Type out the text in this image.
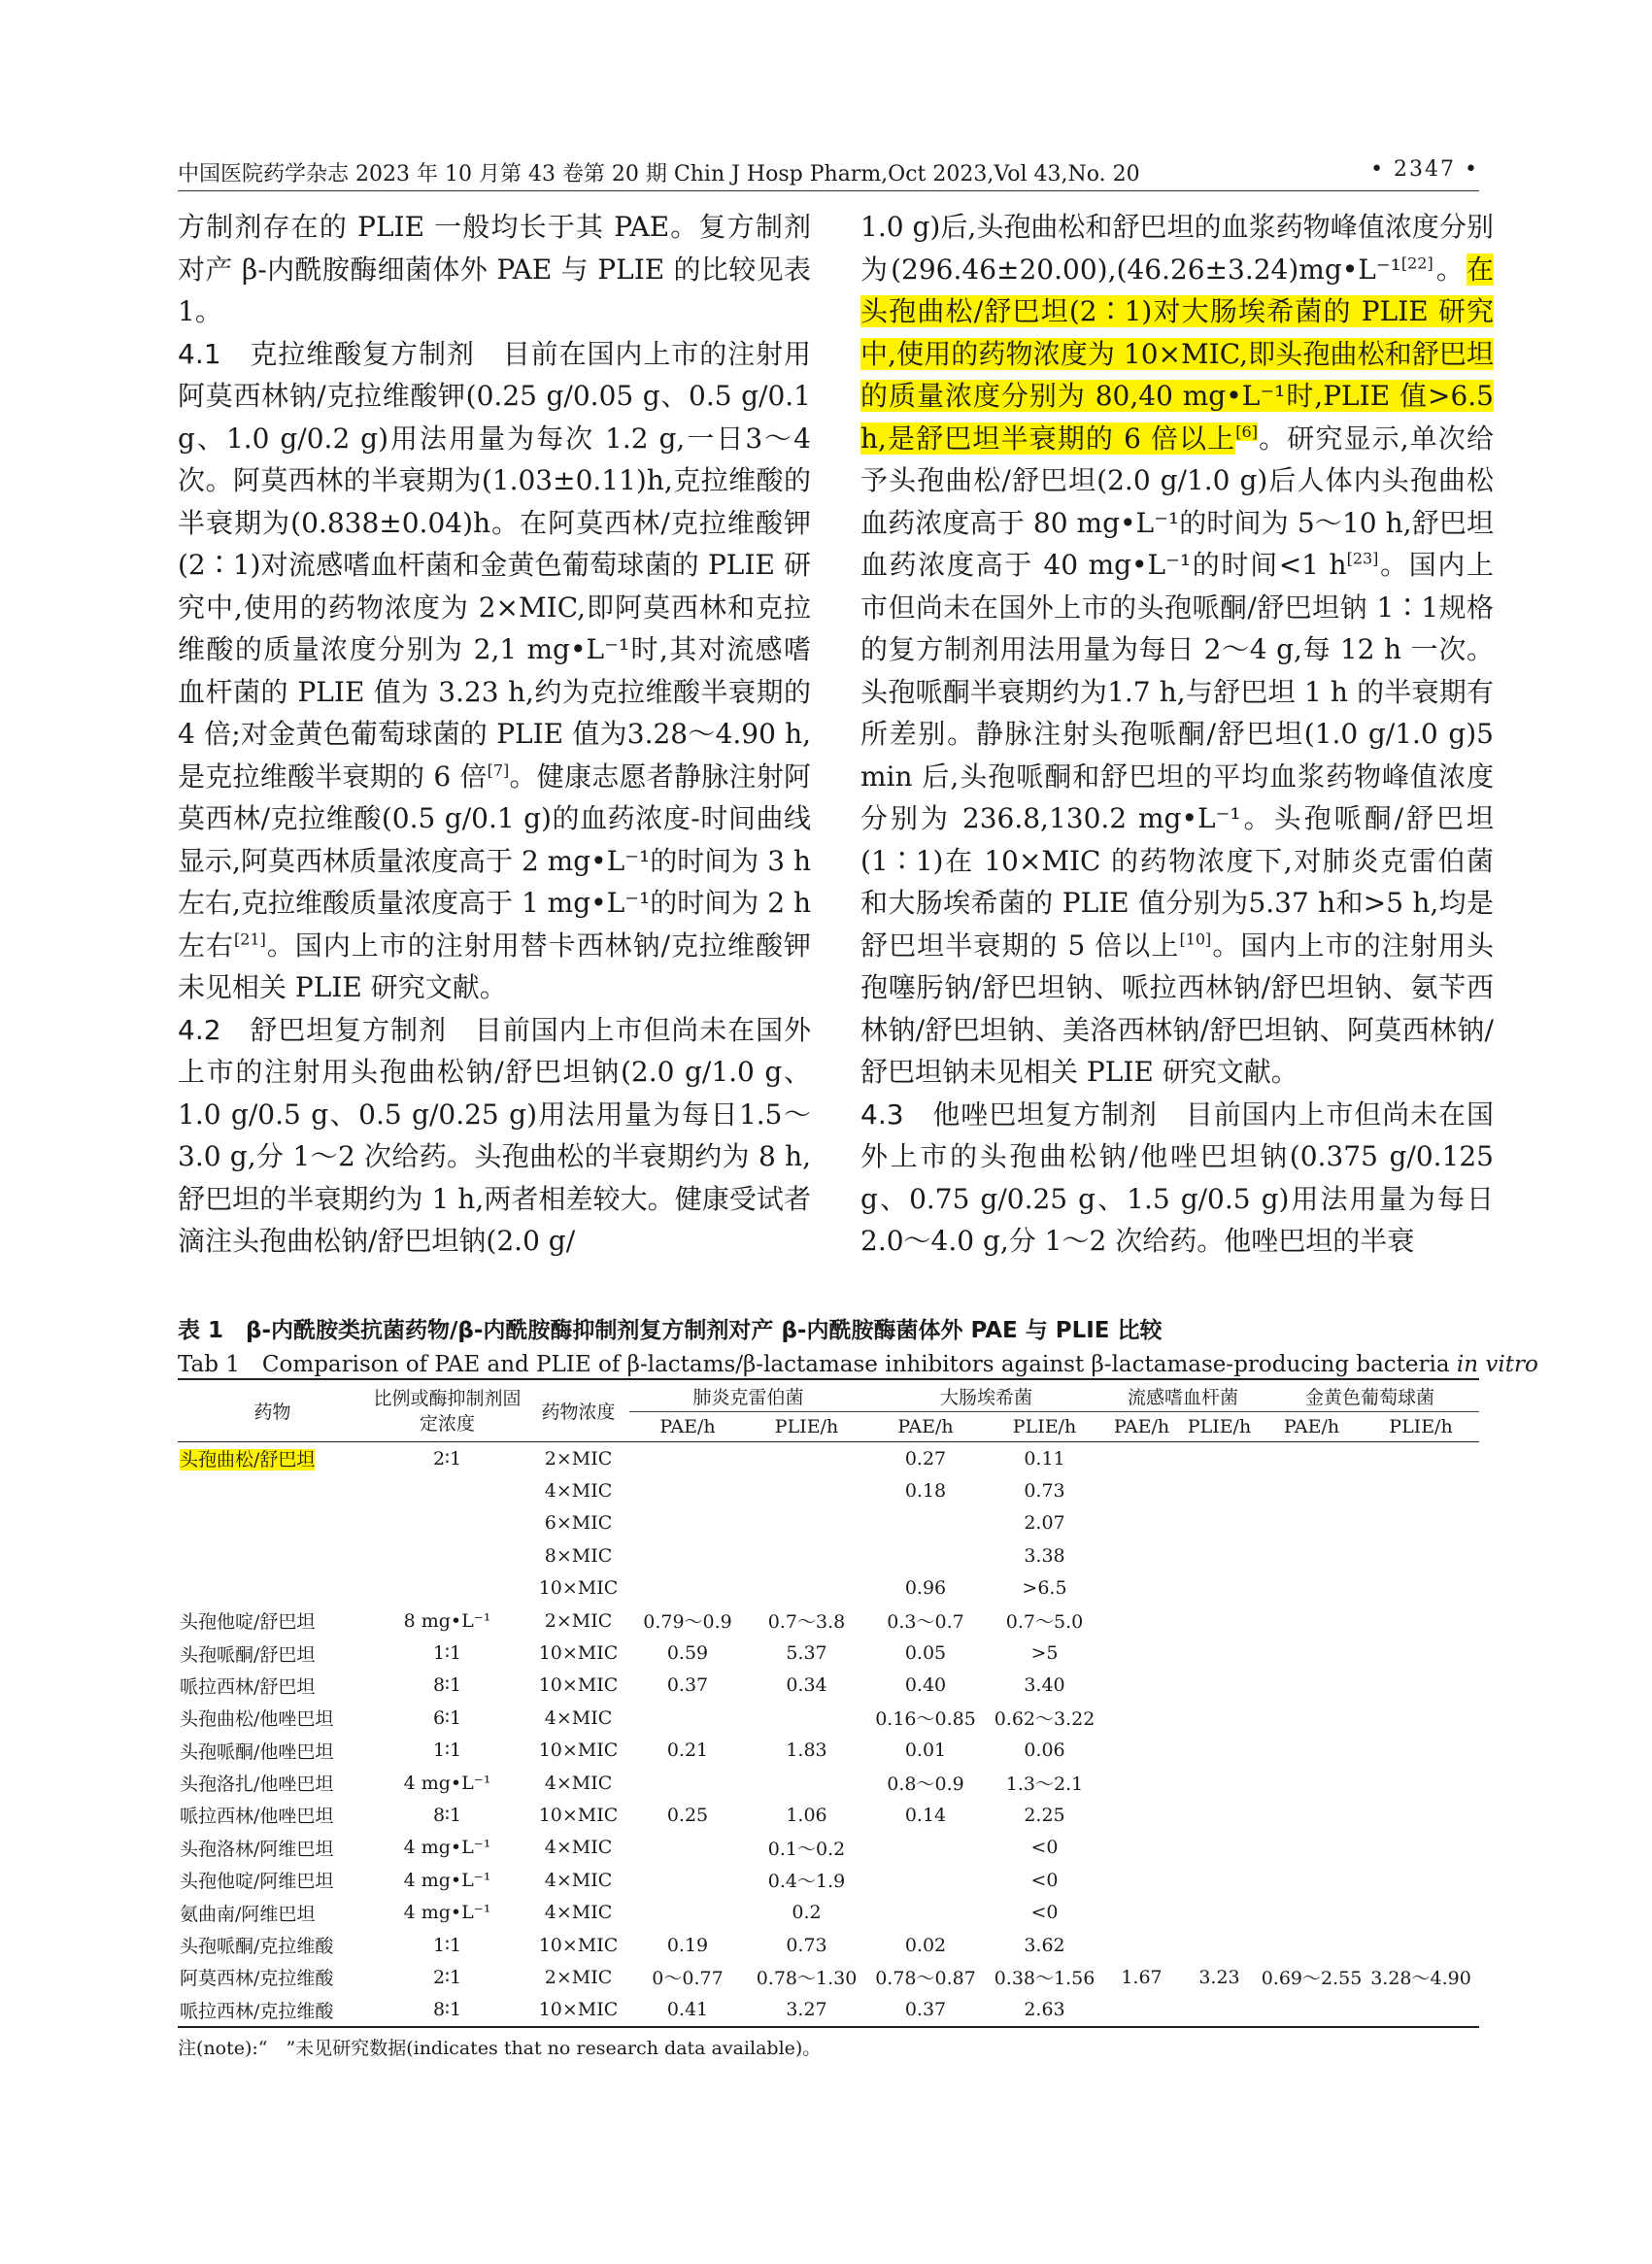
中国医院药学杂志 2023 年 10 月第 43 卷第 20 期 Chin J Hosp Pharm,Oct 2023,Vol 43,No. 20	• 2347 •

方制剂存在的 PLIE 一般均长于其 PAE。复方制剂对产 β-内酰胺酶细菌体外 PAE 与 PLIE 的比较见表 1。

4.1　克拉维酸复方制剂　目前在国内上市的注射用阿莫西林钠/克拉维酸钾(0.25 g/0.05 g、0.5 g/0.1 g、1.0 g/0.2 g)用法用量为每次 1.2 g,一日3～4 次。阿莫西林的半衰期为(1.03±0.11)h,克拉维酸的半衰期为(0.838±0.04)h。在阿莫西林/克拉维酸钾(2∶1)对流感嗜血杆菌和金黄色葡萄球菌的 PLIE 研究中,使用的药物浓度为 2×MIC,即阿莫西林和克拉维酸的质量浓度分别为 2,1 mg•L⁻¹时,其对流感嗜血杆菌的 PLIE 值为 3.23 h,约为克拉维酸半衰期的 4 倍;对金黄色葡萄球菌的 PLIE 值为3.28～4.90 h,是克拉维酸半衰期的 6 倍[7]。健康志愿者静脉注射阿莫西林/克拉维酸(0.5 g/0.1 g)的血药浓度-时间曲线显示,阿莫西林质量浓度高于 2 mg•L⁻¹的时间为 3 h 左右,克拉维酸质量浓度高于 1 mg•L⁻¹的时间为 2 h 左右[21]。国内上市的注射用替卡西林钠/克拉维酸钾未见相关 PLIE 研究文献。

4.2　舒巴坦复方制剂　目前国内上市但尚未在国外上市的注射用头孢曲松钠/舒巴坦钠(2.0 g/1.0 g、1.0 g/0.5 g、0.5 g/0.25 g)用法用量为每日1.5～3.0 g,分 1～2 次给药。头孢曲松的半衰期约为 8 h,舒巴坦的半衰期约为 1 h,两者相差较大。健康受试者滴注头孢曲松钠/舒巴坦钠(2.0 g/

1.0 g)后,头孢曲松和舒巴坦的血浆药物峰值浓度分别为(296.46±20.00),(46.26±3.24)mg•L⁻¹[22]。在头孢曲松/舒巴坦(2∶1)对大肠埃希菌的 PLIE 研究中,使用的药物浓度为 10×MIC,即头孢曲松和舒巴坦的质量浓度分别为 80,40 mg•L⁻¹时,PLIE 值>6.5 h,是舒巴坦半衰期的 6 倍以上[6]。研究显示,单次给予头孢曲松/舒巴坦(2.0 g/1.0 g)后人体内头孢曲松血药浓度高于 80 mg•L⁻¹的时间为 5～10 h,舒巴坦血药浓度高于 40 mg•L⁻¹的时间<1 h[23]。国内上市但尚未在国外上市的头孢哌酮/舒巴坦钠 1∶1规格的复方制剂用法用量为每日 2～4 g,每 12 h 一次。头孢哌酮半衰期约为1.7 h,与舒巴坦 1 h 的半衰期有所差别。静脉注射头孢哌酮/舒巴坦(1.0 g/1.0 g)5 min 后,头孢哌酮和舒巴坦的平均血浆药物峰值浓度分别为 236.8,130.2 mg•L⁻¹。头孢哌酮/舒巴坦(1∶1)在 10×MIC 的药物浓度下,对肺炎克雷伯菌和大肠埃希菌的 PLIE 值分别为5.37 h和>5 h,均是舒巴坦半衰期的 5 倍以上[10]。国内上市的注射用头孢噻肟钠/舒巴坦钠、哌拉西林钠/舒巴坦钠、氨苄西林钠/舒巴坦钠、美洛西林钠/舒巴坦钠、阿莫西林钠/舒巴坦钠未见相关 PLIE 研究文献。

4.3　他唑巴坦复方制剂　目前国内上市但尚未在国外上市的头孢曲松钠/他唑巴坦钠(0.375 g/0.125 g、0.75 g/0.25 g、1.5 g/0.5 g)用法用量为每日 2.0～4.0 g,分 1～2 次给药。他唑巴坦的半衰

表 1　β-内酰胺类抗菌药物/β-内酰胺酶抑制剂复方制剂对产 β-内酰胺酶菌体外 PAE 与 PLIE 比较
Tab 1　Comparison of PAE and PLIE of β-lactams/β-lactamase inhibitors against β-lactamase-producing bacteria in vitro
药物	比例或酶抑制剂固定浓度	药物浓度	肺炎克雷伯菌		大肠埃希菌		流感嗜血杆菌		金黄色葡萄球菌	
			PAE/h	PLIE/h	PAE/h	PLIE/h	PAE/h	PLIE/h	PAE/h	PLIE/h
头孢曲松/舒巴坦	2∶1	2×MIC			0.27	0.11				
		4×MIC			0.18	0.73				
		6×MIC				2.07				
		8×MIC				3.38				
		10×MIC			0.96	>6.5				
头孢他啶/舒巴坦	8 mg•L⁻¹	2×MIC	0.79～0.9	0.7～3.8	0.3～0.7	0.7～5.0				
头孢哌酮/舒巴坦	1∶1	10×MIC	0.59	5.37	0.05	>5				
哌拉西林/舒巴坦	8∶1	10×MIC	0.37	0.34	0.40	3.40				
头孢曲松/他唑巴坦	6∶1	4×MIC			0.16～0.85	0.62～3.22				
头孢哌酮/他唑巴坦	1∶1	10×MIC	0.21	1.83	0.01	0.06				
头孢洛扎/他唑巴坦	4 mg•L⁻¹	4×MIC			0.8～0.9	1.3～2.1				
哌拉西林/他唑巴坦	8∶1	10×MIC	0.25	1.06	0.14	2.25				
头孢洛林/阿维巴坦	4 mg•L⁻¹	4×MIC		0.1～0.2		<0				
头孢他啶/阿维巴坦	4 mg•L⁻¹	4×MIC		0.4～1.9		<0				
氨曲南/阿维巴坦	4 mg•L⁻¹	4×MIC		0.2		<0				
头孢哌酮/克拉维酸	1∶1	10×MIC	0.19	0.73	0.02	3.62				
阿莫西林/克拉维酸	2∶1	2×MIC	0～0.77	0.78～1.30	0.78～0.87	0.38～1.56	1.67	3.23	0.69～2.55	3.28～4.90
哌拉西林/克拉维酸	8∶1	10×MIC	0.41	3.27	0.37	2.63				
注(note):“　”未见研究数据(indicates that no research data available)。
